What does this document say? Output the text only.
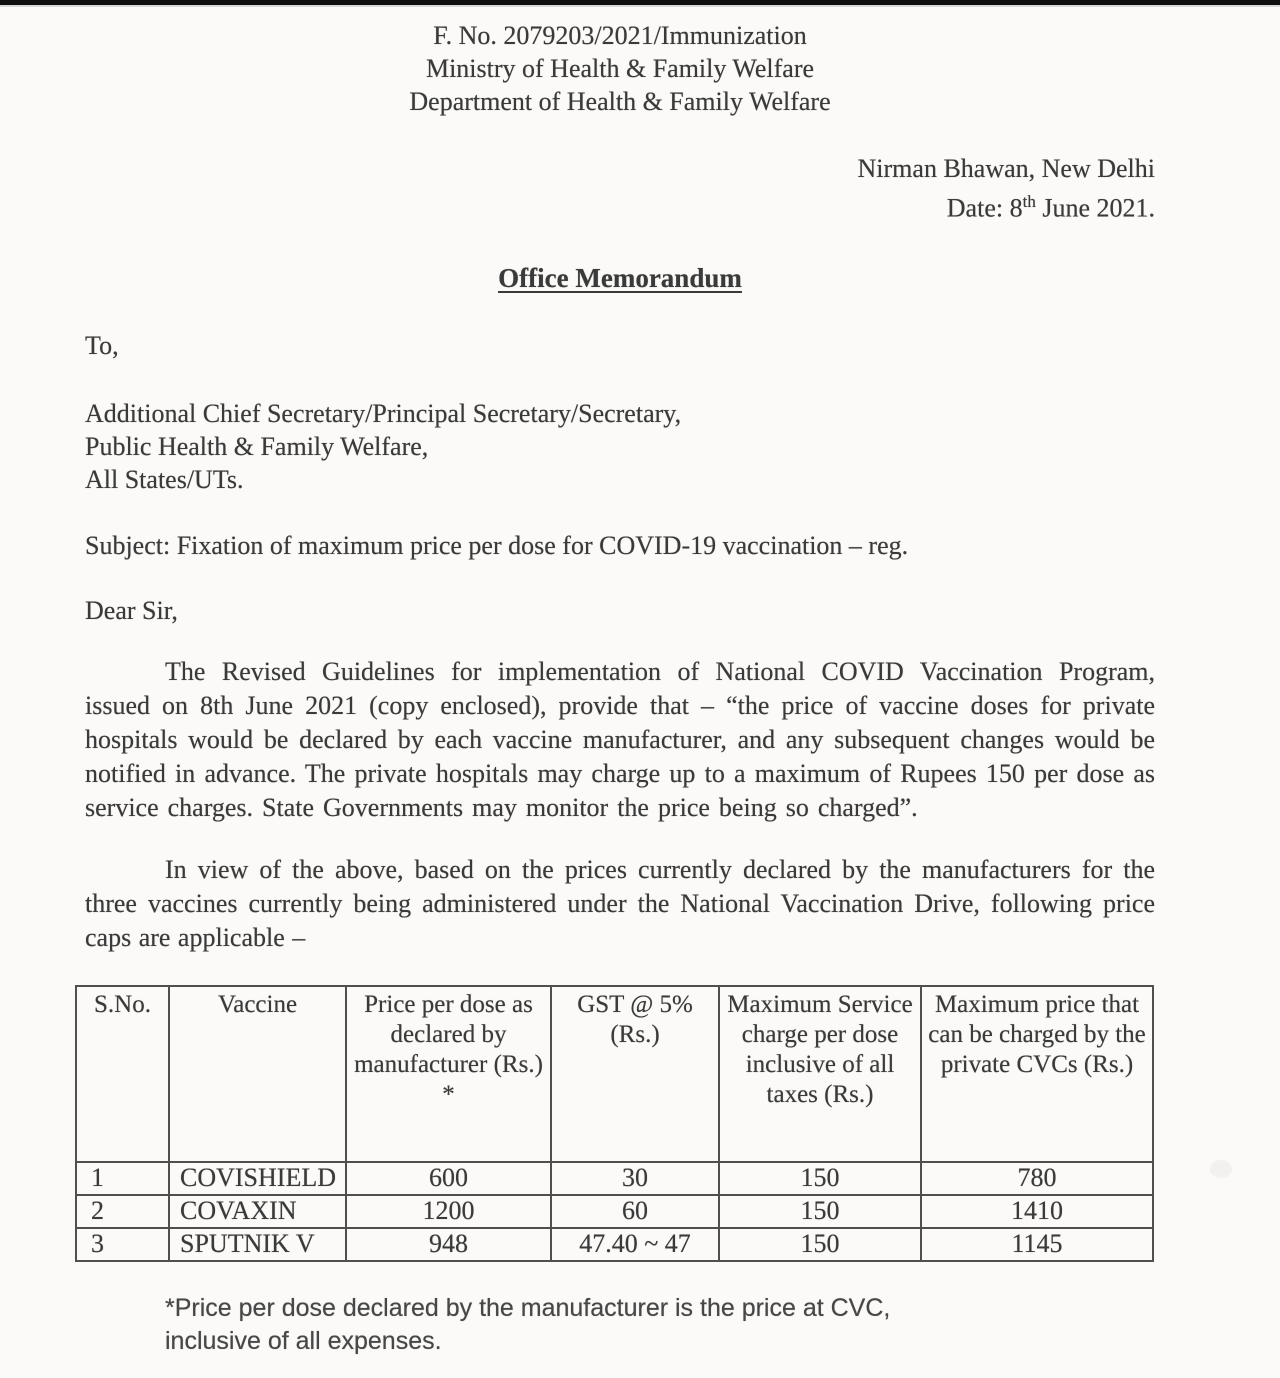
F. No. 2079203/2021/Immunization
Ministry of Health & Family Welfare
Department of Health & Family Welfare
Nirman Bhawan, New Delhi
Date: 8th June 2021.
Office Memorandum
To,
Additional Chief Secretary/Principal Secretary/Secretary,
Public Health & Family Welfare,
All States/UTs.
Subject: Fixation of maximum price per dose for COVID-19 vaccination – reg.
Dear Sir,
The Revised Guidelines for implementation of National COVID Vaccination Program, issued on 8th June 2021 (copy enclosed), provide that – “the price of vaccine doses for private hospitals would be declared by each vaccine manufacturer, and any subsequent changes would be notified in advance. The private hospitals may charge up to a maximum of Rupees 150 per dose as service charges. State Governments may monitor the price being so charged”.
In view of the above, based on the prices currently declared by the manufacturers for the three vaccines currently being administered under the National Vaccination Drive, following price caps are applicable –
S.No.	Vaccine	Price per dose as declared by manufacturer (Rs.) *	GST @ 5% (Rs.)	Maximum Service charge per dose inclusive of all taxes (Rs.)	Maximum price that can be charged by the private CVCs (Rs.)
1	COVISHIELD	600	30	150	780
2	COVAXIN	1200	60	150	1410
3	SPUTNIK V	948	47.40 ~ 47	150	1145
*Price per dose declared by the manufacturer is the price at CVC,
inclusive of all expenses.
